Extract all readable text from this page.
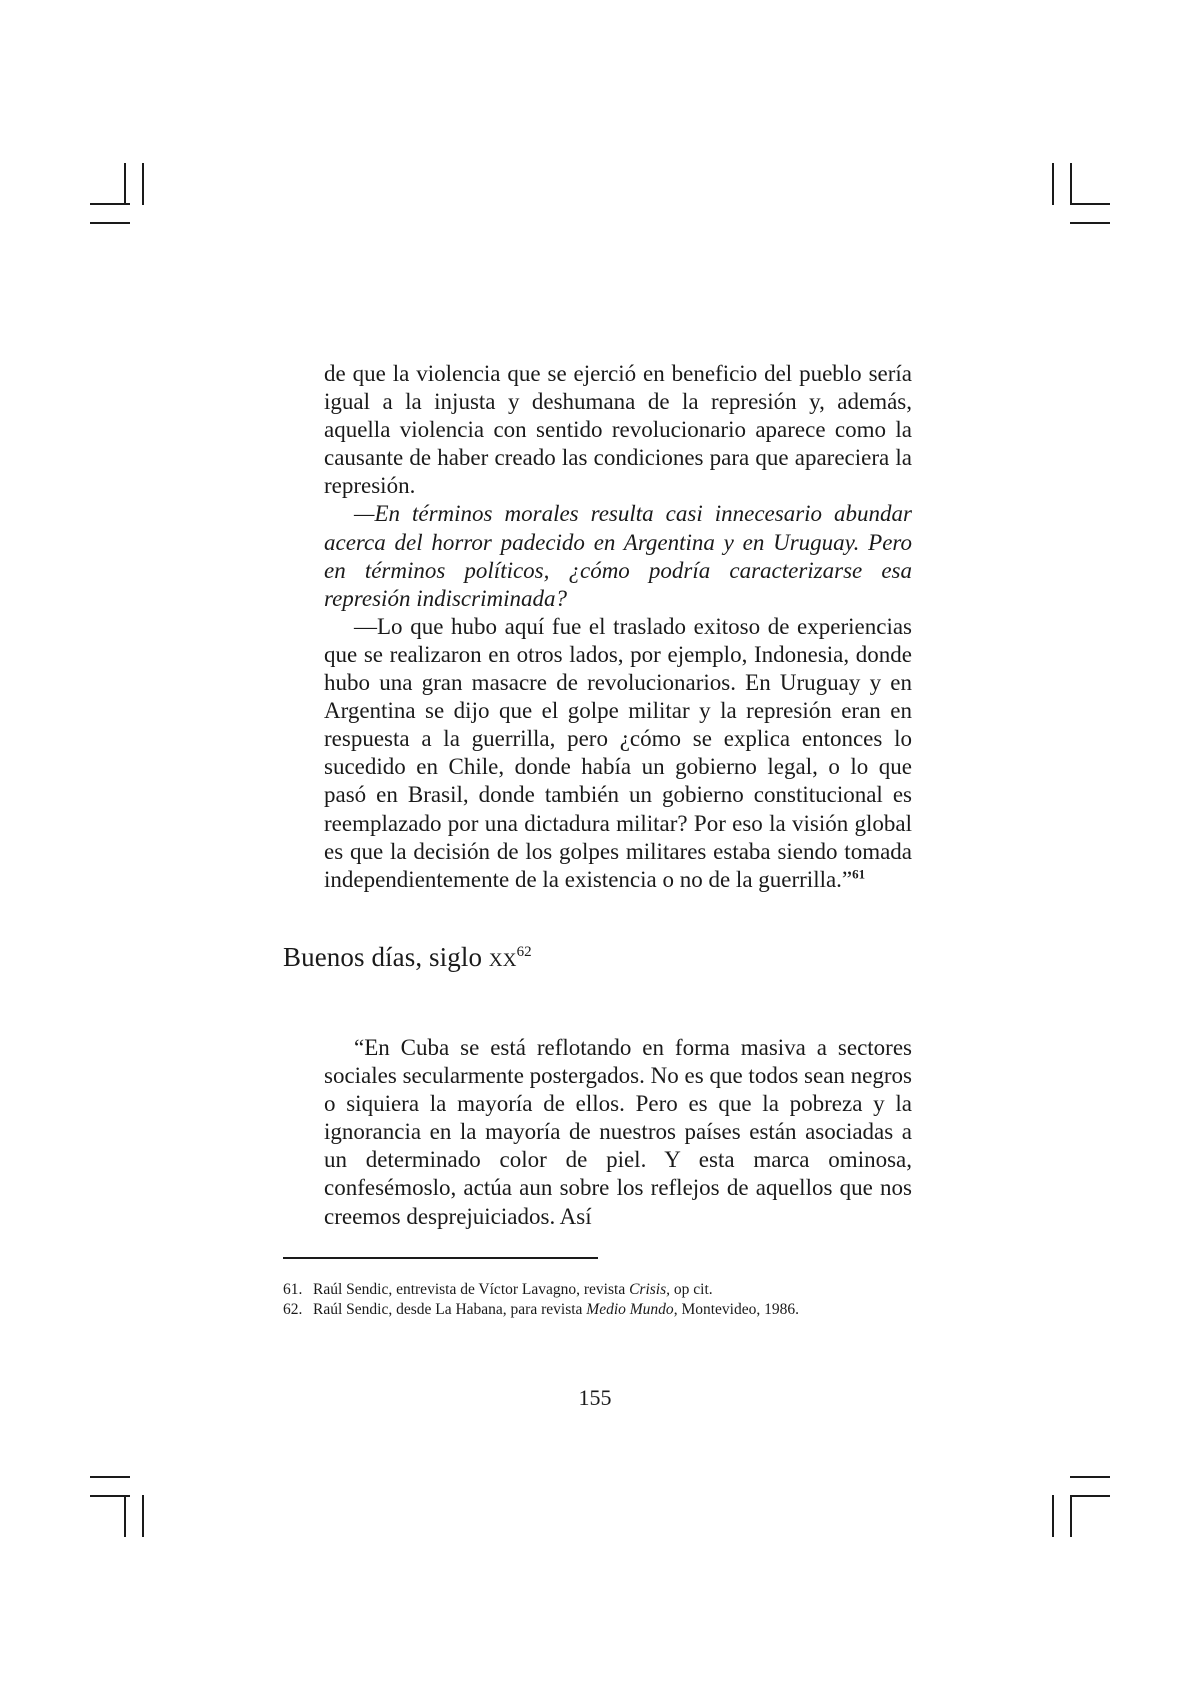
de que la violencia que se ejerció en beneficio del pueblo sería igual a la injusta y deshumana de la represión y, además, aquella violencia con sentido revolucionario aparece como la causante de haber creado las condiciones para que apareciera la represión.

—En términos morales resulta casi innecesario abundar acerca del horror padecido en Argentina y en Uruguay. Pero en términos políticos, ¿cómo podría caracterizarse esa represión indiscriminada?

—Lo que hubo aquí fue el traslado exitoso de experiencias que se realizaron en otros lados, por ejemplo, Indonesia, donde hubo una gran masacre de revolucionarios. En Uruguay y en Argentina se dijo que el golpe militar y la represión eran en respuesta a la guerrilla, pero ¿cómo se explica entonces lo sucedido en Chile, donde había un gobierno legal, o lo que pasó en Brasil, donde también un gobierno constitucional es reemplazado por una dictadura militar? Por eso la visión global es que la decisión de los golpes militares estaba siendo tomada independientemente de la existencia o no de la guerrilla.”$^{61}$

Buenos días, siglo $xx^{62}$

“En Cuba se está reflotando en forma masiva a sectores sociales secularmente postergados. No es que todos sean negros o siquiera la mayoría de ellos. Pero es que la pobreza y la ignorancia en la mayoría de nuestros países están asociadas a un determinado color de piel. Y esta marca ominosa, confesémoslo, actúa aun sobre los reflejos de aquellos que nos creemos desprejuiciados. Así

61. Raúl Sendic, entrevista de Víctor Lavagno, revista Crisis, op cit.

62. Raúl Sendic, desde La Habana, para revista Medio Mundo, Montevideo, 1986.

155
